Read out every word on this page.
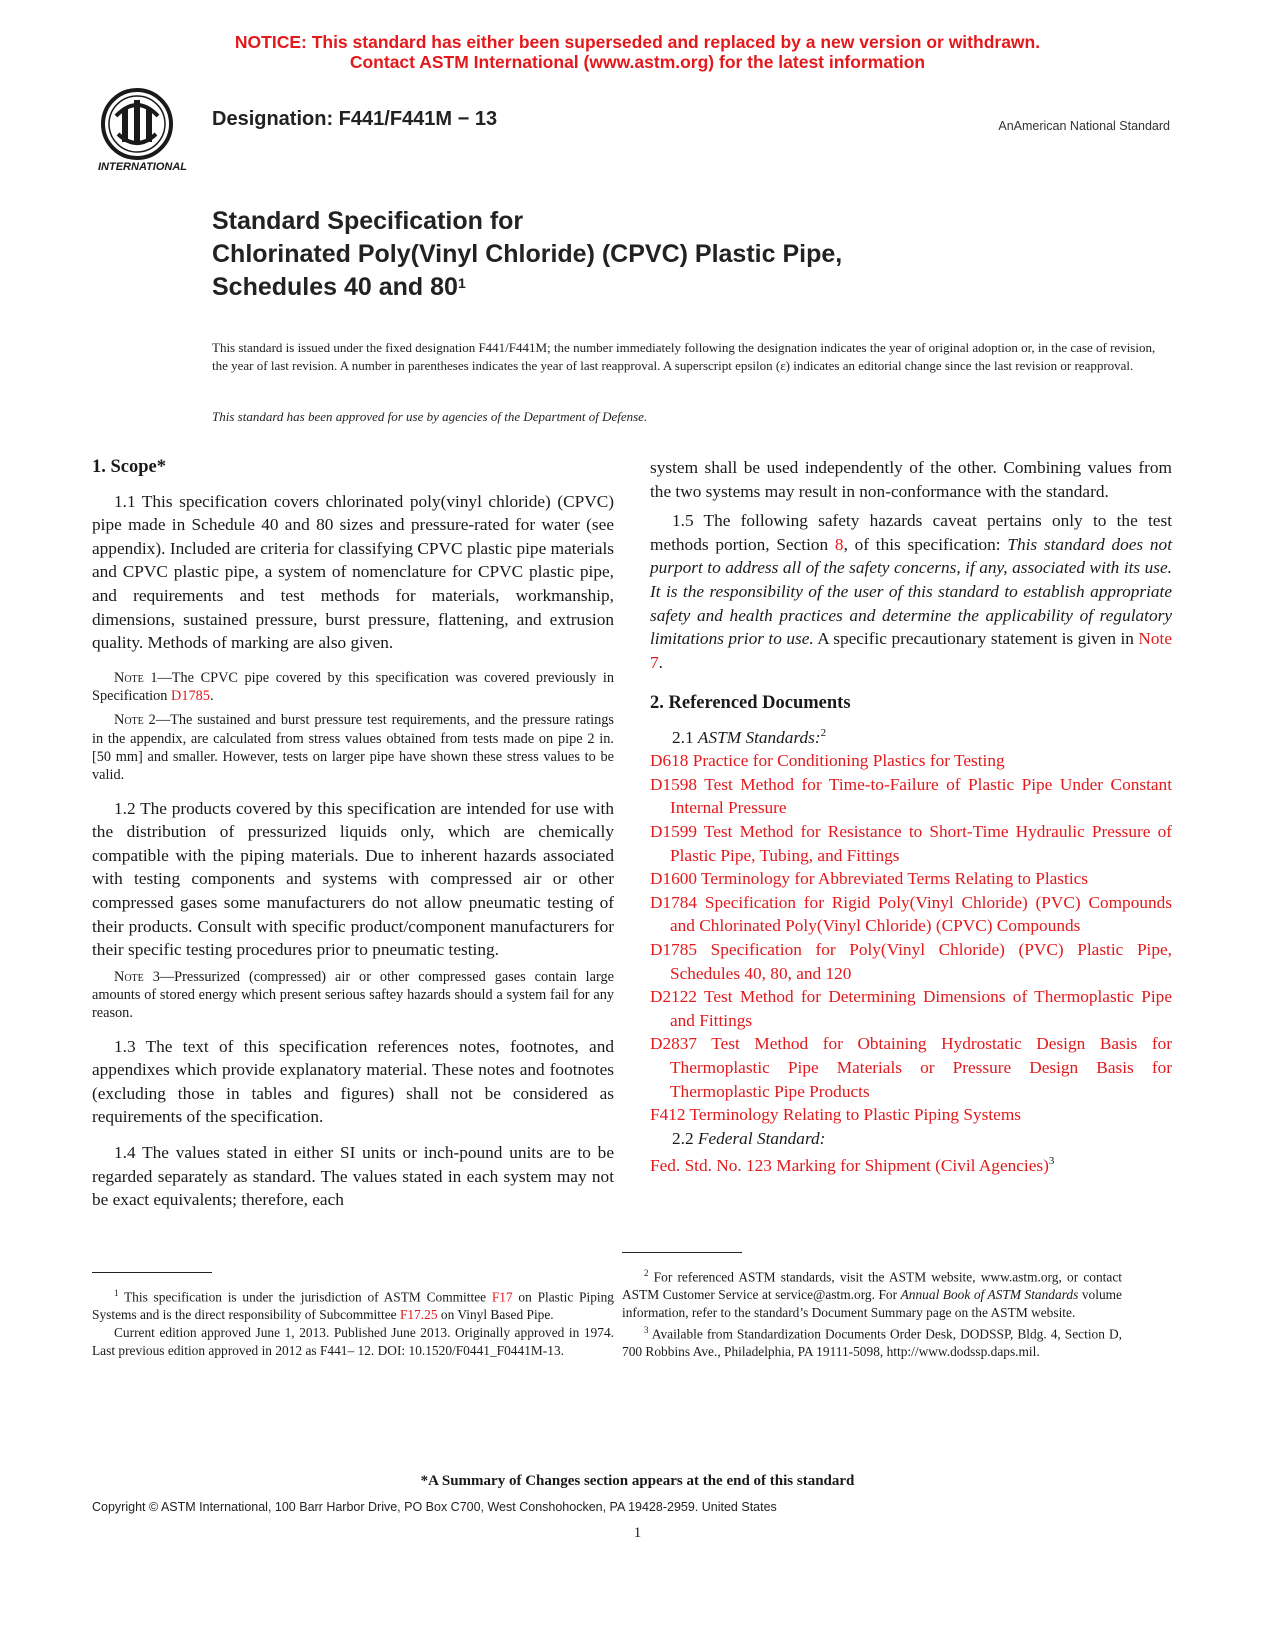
NOTICE: This standard has either been superseded and replaced by a new version or withdrawn.
Contact ASTM International (www.astm.org) for the latest information
INTERNATIONAL
Designation: F441/F441M − 13	AnAmerican National Standard
Standard Specification for
Chlorinated Poly(Vinyl Chloride) (CPVC) Plastic Pipe,
Schedules 40 and $80^1$
This standard is issued under the fixed designation F441/F441M; the number immediately following the designation indicates the year of original adoption or, in the case of revision, the year of last revision. A number in parentheses indicates the year of last reapproval. A superscript epsilon (ε) indicates an editorial change since the last revision or reapproval.
This standard has been approved for use by agencies of the Department of Defense.

1. Scope*

1.1 This specification covers chlorinated poly(vinyl chloride) (CPVC) pipe made in Schedule 40 and 80 sizes and pressure-rated for water (see appendix). Included are criteria for classifying CPVC plastic pipe materials and CPVC plastic pipe, a system of nomenclature for CPVC plastic pipe, and requirements and test methods for materials, workmanship, dimensions, sustained pressure, burst pressure, flattening, and extrusion quality. Methods of marking are also given.

Note 1—The CPVC pipe covered by this specification was covered previously in Specification D1785.

Note 2—The sustained and burst pressure test requirements, and the pressure ratings in the appendix, are calculated from stress values obtained from tests made on pipe 2 in. [50 mm] and smaller. However, tests on larger pipe have shown these stress values to be valid.

1.2 The products covered by this specification are intended for use with the distribution of pressurized liquids only, which are chemically compatible with the piping materials. Due to inherent hazards associated with testing components and systems with compressed air or other compressed gases some manufacturers do not allow pneumatic testing of their products. Consult with specific product/component manufacturers for their specific testing procedures prior to pneumatic testing.

Note 3—Pressurized (compressed) air or other compressed gases contain large amounts of stored energy which present serious saftey hazards should a system fail for any reason.

1.3 The text of this specification references notes, footnotes, and appendixes which provide explanatory material. These notes and footnotes (excluding those in tables and figures) shall not be considered as requirements of the specification.

1.4 The values stated in either SI units or inch-pound units are to be regarded separately as standard. The values stated in each system may not be exact equivalents; therefore, each

system shall be used independently of the other. Combining values from the two systems may result in non-conformance with the standard.

1.5 The following safety hazards caveat pertains only to the test methods portion, Section 8, of this specification: This standard does not purport to address all of the safety concerns, if any, associated with its use. It is the responsibility of the user of this standard to establish appropriate safety and health practices and determine the applicability of regulatory limitations prior to use. A specific precautionary statement is given in Note 7.

2. Referenced Documents

2.1 ASTM Standards:$^2$

D618 Practice for Conditioning Plastics for Testing

D1598 Test Method for Time-to-Failure of Plastic Pipe Under Constant Internal Pressure

D1599 Test Method for Resistance to Short-Time Hydraulic Pressure of Plastic Pipe, Tubing, and Fittings

D1600 Terminology for Abbreviated Terms Relating to Plastics

D1784 Specification for Rigid Poly(Vinyl Chloride) (PVC) Compounds and Chlorinated Poly(Vinyl Chloride) (CPVC) Compounds

D1785 Specification for Poly(Vinyl Chloride) (PVC) Plastic Pipe, Schedules 40, 80, and 120

D2122 Test Method for Determining Dimensions of Thermoplastic Pipe and Fittings

D2837 Test Method for Obtaining Hydrostatic Design Basis for Thermoplastic Pipe Materials or Pressure Design Basis for Thermoplastic Pipe Products

F412 Terminology Relating to Plastic Piping Systems

2.2 Federal Standard:

Fed. Std. No. 123 Marking for Shipment (Civil Agencies)$^3$

$^1$ This specification is under the jurisdiction of ASTM Committee F17 on Plastic Piping Systems and is the direct responsibility of Subcommittee F17.25 on Vinyl Based Pipe.

Current edition approved June 1, 2013. Published June 2013. Originally approved in 1974. Last previous edition approved in 2012 as F441– 12. DOI: 10.1520/F0441_F0441M-13.

$^2$ For referenced ASTM standards, visit the ASTM website, www.astm.org, or contact ASTM Customer Service at service@astm.org. For Annual Book of ASTM Standards volume information, refer to the standard’s Document Summary page on the ASTM website.

$^3$ Available from Standardization Documents Order Desk, DODSSP, Bldg. 4, Section D, 700 Robbins Ave., Philadelphia, PA 19111-5098, http://www.dodssp.daps.mil.

*A Summary of Changes section appears at the end of this standard
Copyright © ASTM International, 100 Barr Harbor Drive, PO Box C700, West Conshohocken, PA 19428-2959. United States
1
